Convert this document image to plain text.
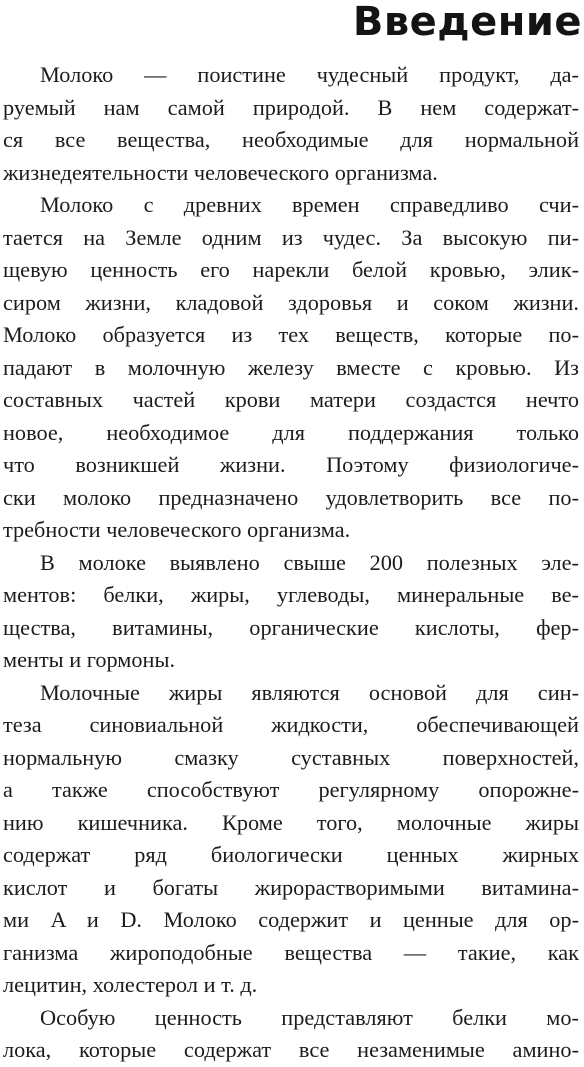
Введение
Молоко — поистине чудесный продукт, да-
руемый нам самой природой. В нем содержат-
ся все вещества, необходимые для нормальной
жизнедеятельности человеческого организма.
Молоко с древних времен справедливо счи-
тается на Земле одним из чудес. За высокую пи-
щевую ценность его нарекли белой кровью, элик-
сиром жизни, кладовой здоровья и соком жизни.
Молоко образуется из тех веществ, которые по-
падают в молочную железу вместе с кровью. Из
составных частей крови матери создастся нечто
новое, необходимое для поддержания только
что возникшей жизни. Поэтому физиологиче-
ски молоко предназначено удовлетворить все по-
требности человеческого организма.
В молоке выявлено свыше 200 полезных эле-
ментов: белки, жиры, углеводы, минеральные ве-
щества, витамины, органические кислоты, фер-
менты и гормоны.
Молочные жиры являются основой для син-
теза синовиальной жидкости, обеспечивающей
нормальную смазку суставных поверхностей,
а также способствуют регулярному опорожне-
нию кишечника. Кроме того, молочные жиры
содержат ряд биологически ценных жирных
кислот и богаты жирорастворимыми витамина-
ми A и D. Молоко содержит и ценные для ор-
ганизма жироподобные вещества — такие, как
лецитин, холестерол и т. д.
Особую ценность представляют белки мо-
лока, которые содержат все незаменимые амино-
